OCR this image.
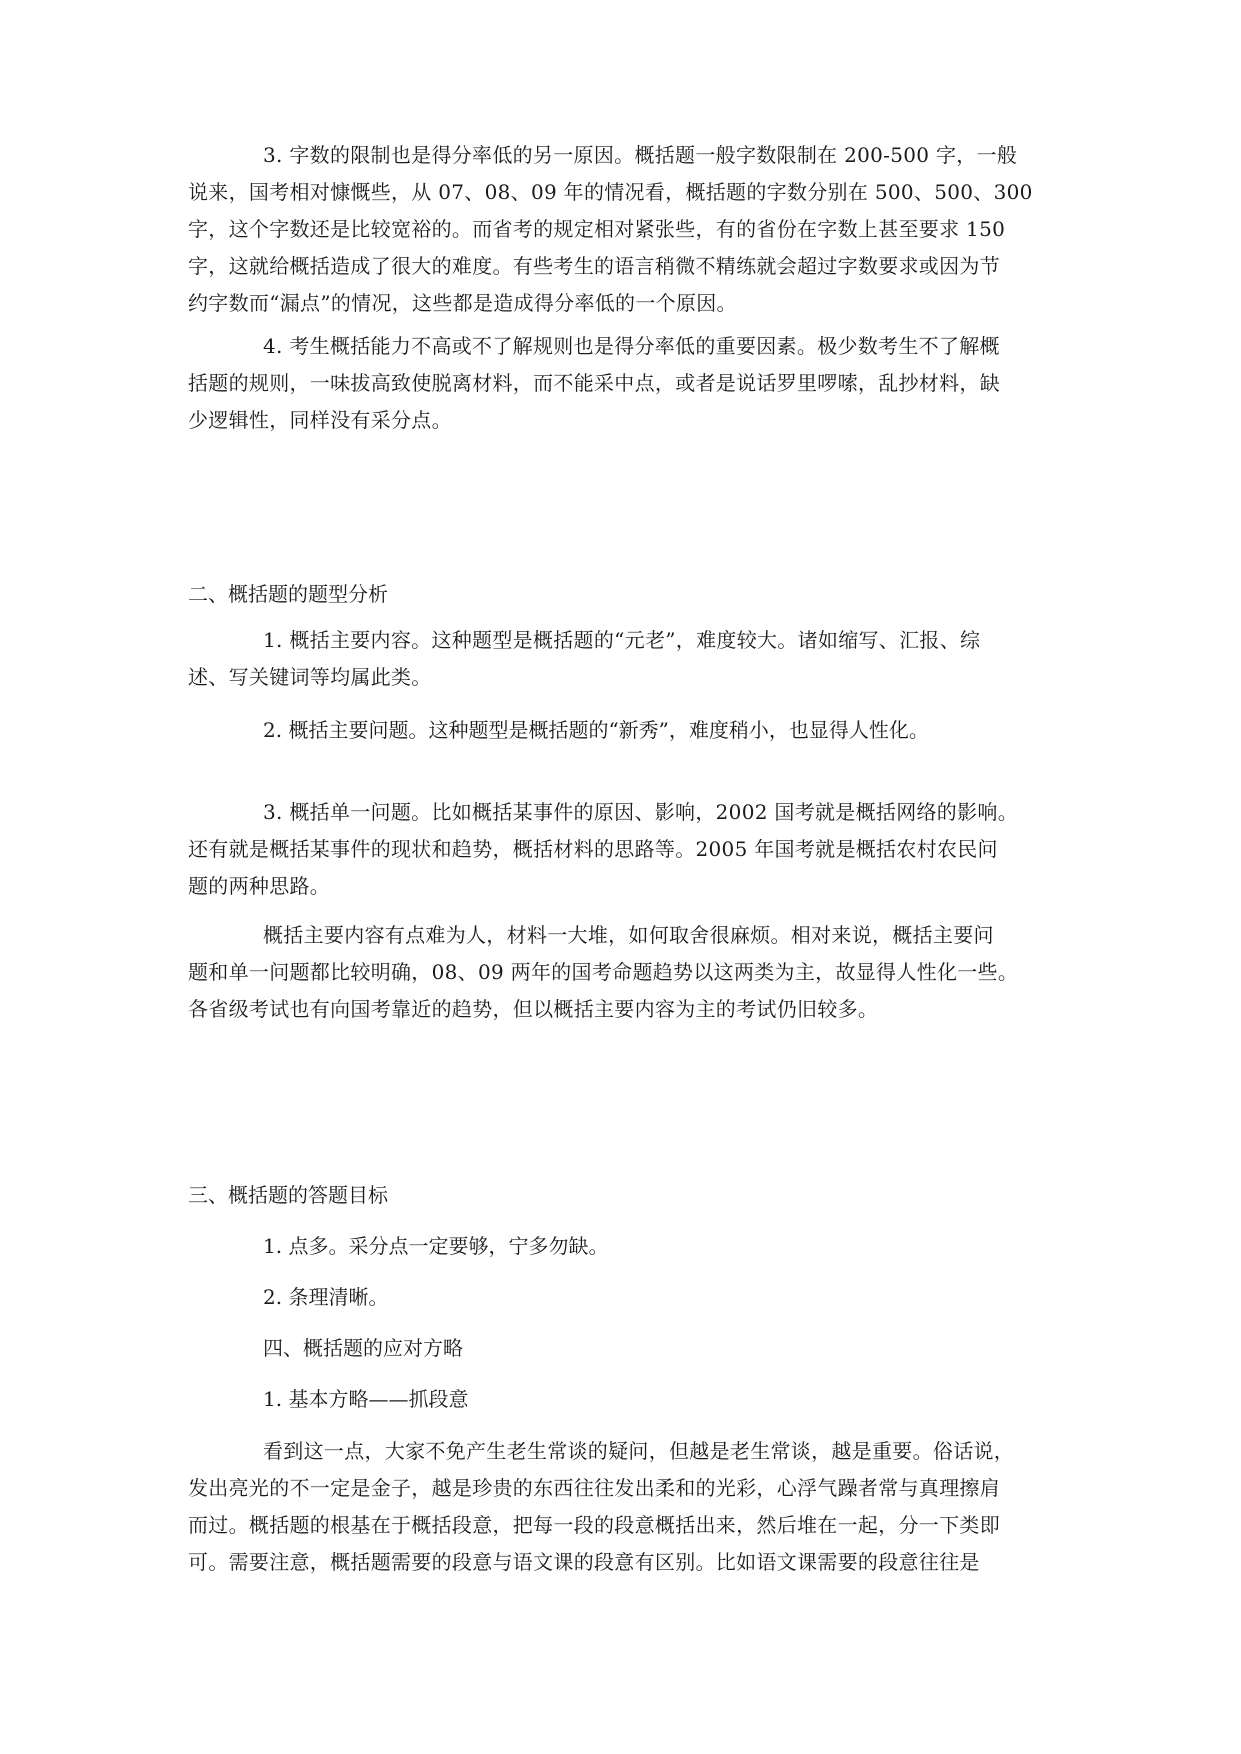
3. 字数的限制也是得分率低的另一原因。概括题一般字数限制在 200-500 字，一般
说来，国考相对慷慨些，从 07、08、09 年的情况看，概括题的字数分别在 500、500、300
字，这个字数还是比较宽裕的。而省考的规定相对紧张些，有的省份在字数上甚至要求 150
字，这就给概括造成了很大的难度。有些考生的语言稍微不精练就会超过字数要求或因为节
约字数而“漏点”的情况，这些都是造成得分率低的一个原因。
4. 考生概括能力不高或不了解规则也是得分率低的重要因素。极少数考生不了解概
括题的规则，一味拔高致使脱离材料，而不能采中点，或者是说话罗里啰嗦，乱抄材料，缺
少逻辑性，同样没有采分点。
二、概括题的题型分析
1. 概括主要内容。这种题型是概括题的“元老”，难度较大。诸如缩写、汇报、综
述、写关键词等均属此类。
2. 概括主要问题。这种题型是概括题的“新秀”，难度稍小，也显得人性化。
3. 概括单一问题。比如概括某事件的原因、影响，2002 国考就是概括网络的影响。
还有就是概括某事件的现状和趋势，概括材料的思路等。2005 年国考就是概括农村农民问
题的两种思路。
概括主要内容有点难为人，材料一大堆，如何取舍很麻烦。相对来说，概括主要问
题和单一问题都比较明确，08、09 两年的国考命题趋势以这两类为主，故显得人性化一些。
各省级考试也有向国考靠近的趋势，但以概括主要内容为主的考试仍旧较多。
三、概括题的答题目标
1. 点多。采分点一定要够，宁多勿缺。
2. 条理清晰。
四、概括题的应对方略
1. 基本方略——抓段意
看到这一点，大家不免产生老生常谈的疑问，但越是老生常谈，越是重要。俗话说，
发出亮光的不一定是金子，越是珍贵的东西往往发出柔和的光彩，心浮气躁者常与真理擦肩
而过。概括题的根基在于概括段意，把每一段的段意概括出来，然后堆在一起，分一下类即
可。需要注意，概括题需要的段意与语文课的段意有区别。比如语文课需要的段意往往是
